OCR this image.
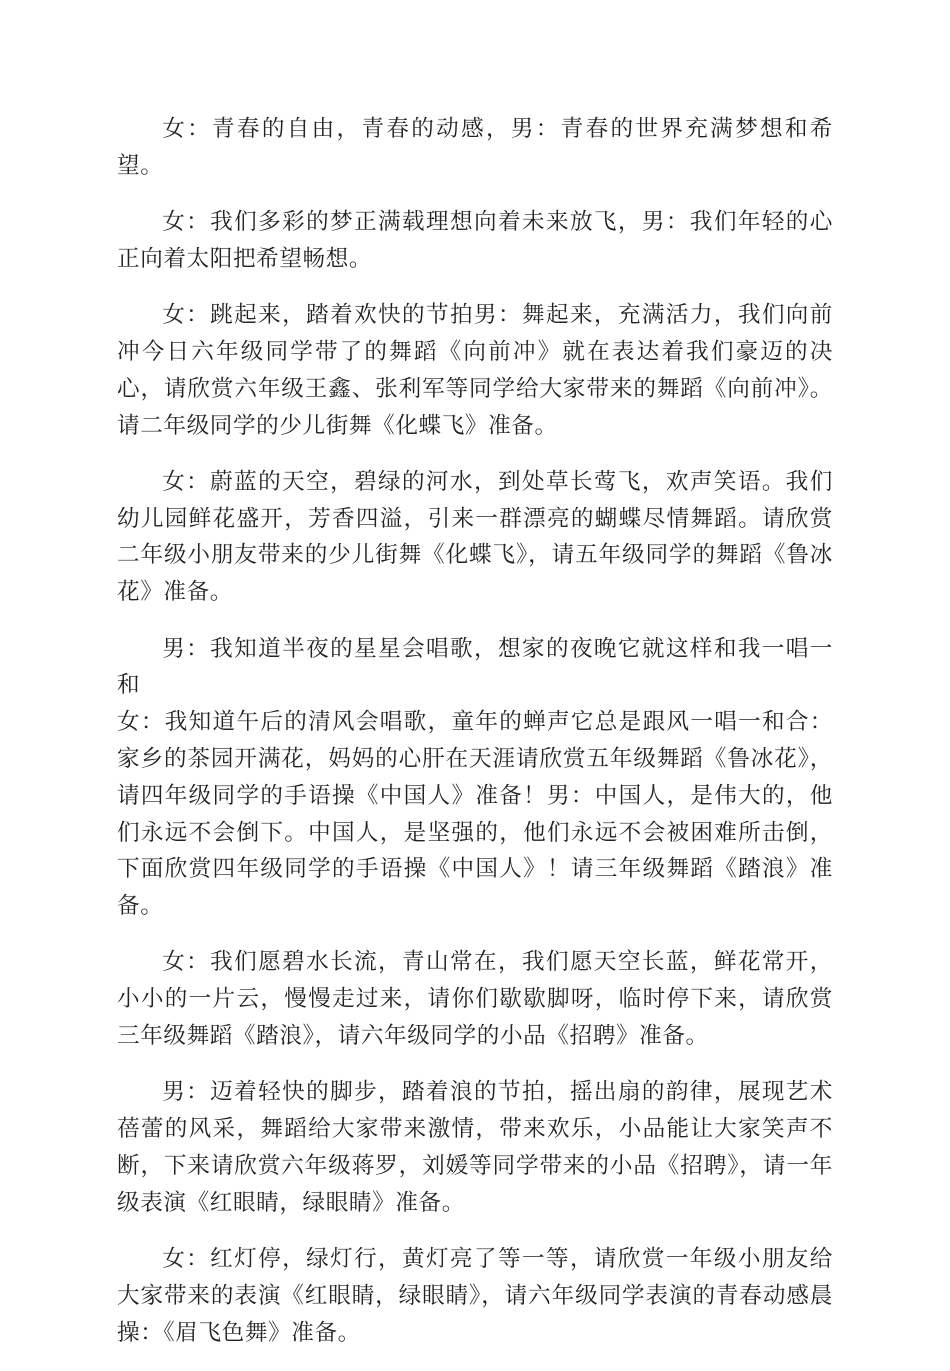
女：青春的自由，青春的动感，男：青春的世界充满梦想和希望。

女：我们多彩的梦正满载理想向着未来放飞，男：我们年轻的心正向着太阳把希望畅想。

女：跳起来，踏着欢快的节拍男：舞起来，充满活力，我们向前冲今日六年级同学带了的舞蹈《向前冲》就在表达着我们豪迈的决心，请欣赏六年级王鑫、张利军等同学给大家带来的舞蹈《向前冲》。请二年级同学的少儿街舞《化蝶飞》准备。

女：蔚蓝的天空，碧绿的河水，到处草长莺飞，欢声笑语。我们幼儿园鲜花盛开，芳香四溢，引来一群漂亮的蝴蝶尽情舞蹈。请欣赏二年级小朋友带来的少儿街舞《化蝶飞》，请五年级同学的舞蹈《鲁冰花》准备。

男：我知道半夜的星星会唱歌，想家的夜晚它就这样和我一唱一和

女：我知道午后的清风会唱歌，童年的蝉声它总是跟风一唱一和合：家乡的茶园开满花，妈妈的心肝在天涯请欣赏五年级舞蹈《鲁冰花》，请四年级同学的手语操《中国人》准备！男：中国人，是伟大的，他们永远不会倒下。中国人，是坚强的，他们永远不会被困难所击倒，下面欣赏四年级同学的手语操《中国人》！请三年级舞蹈《踏浪》准备。

女：我们愿碧水长流，青山常在，我们愿天空长蓝，鲜花常开，小小的一片云，慢慢走过来，请你们歇歇脚呀，临时停下来，请欣赏三年级舞蹈《踏浪》，请六年级同学的小品《招聘》准备。

男：迈着轻快的脚步，踏着浪的节拍，摇出扇的韵律，展现艺术蓓蕾的风采，舞蹈给大家带来激情，带来欢乐，小品能让大家笑声不断，下来请欣赏六年级蒋罗，刘媛等同学带来的小品《招聘》，请一年级表演《红眼睛，绿眼睛》准备。

女：红灯停，绿灯行，黄灯亮了等一等，请欣赏一年级小朋友给大家带来的表演《红眼睛，绿眼睛》，请六年级同学表演的青春动感晨操：《眉飞色舞》准备。
